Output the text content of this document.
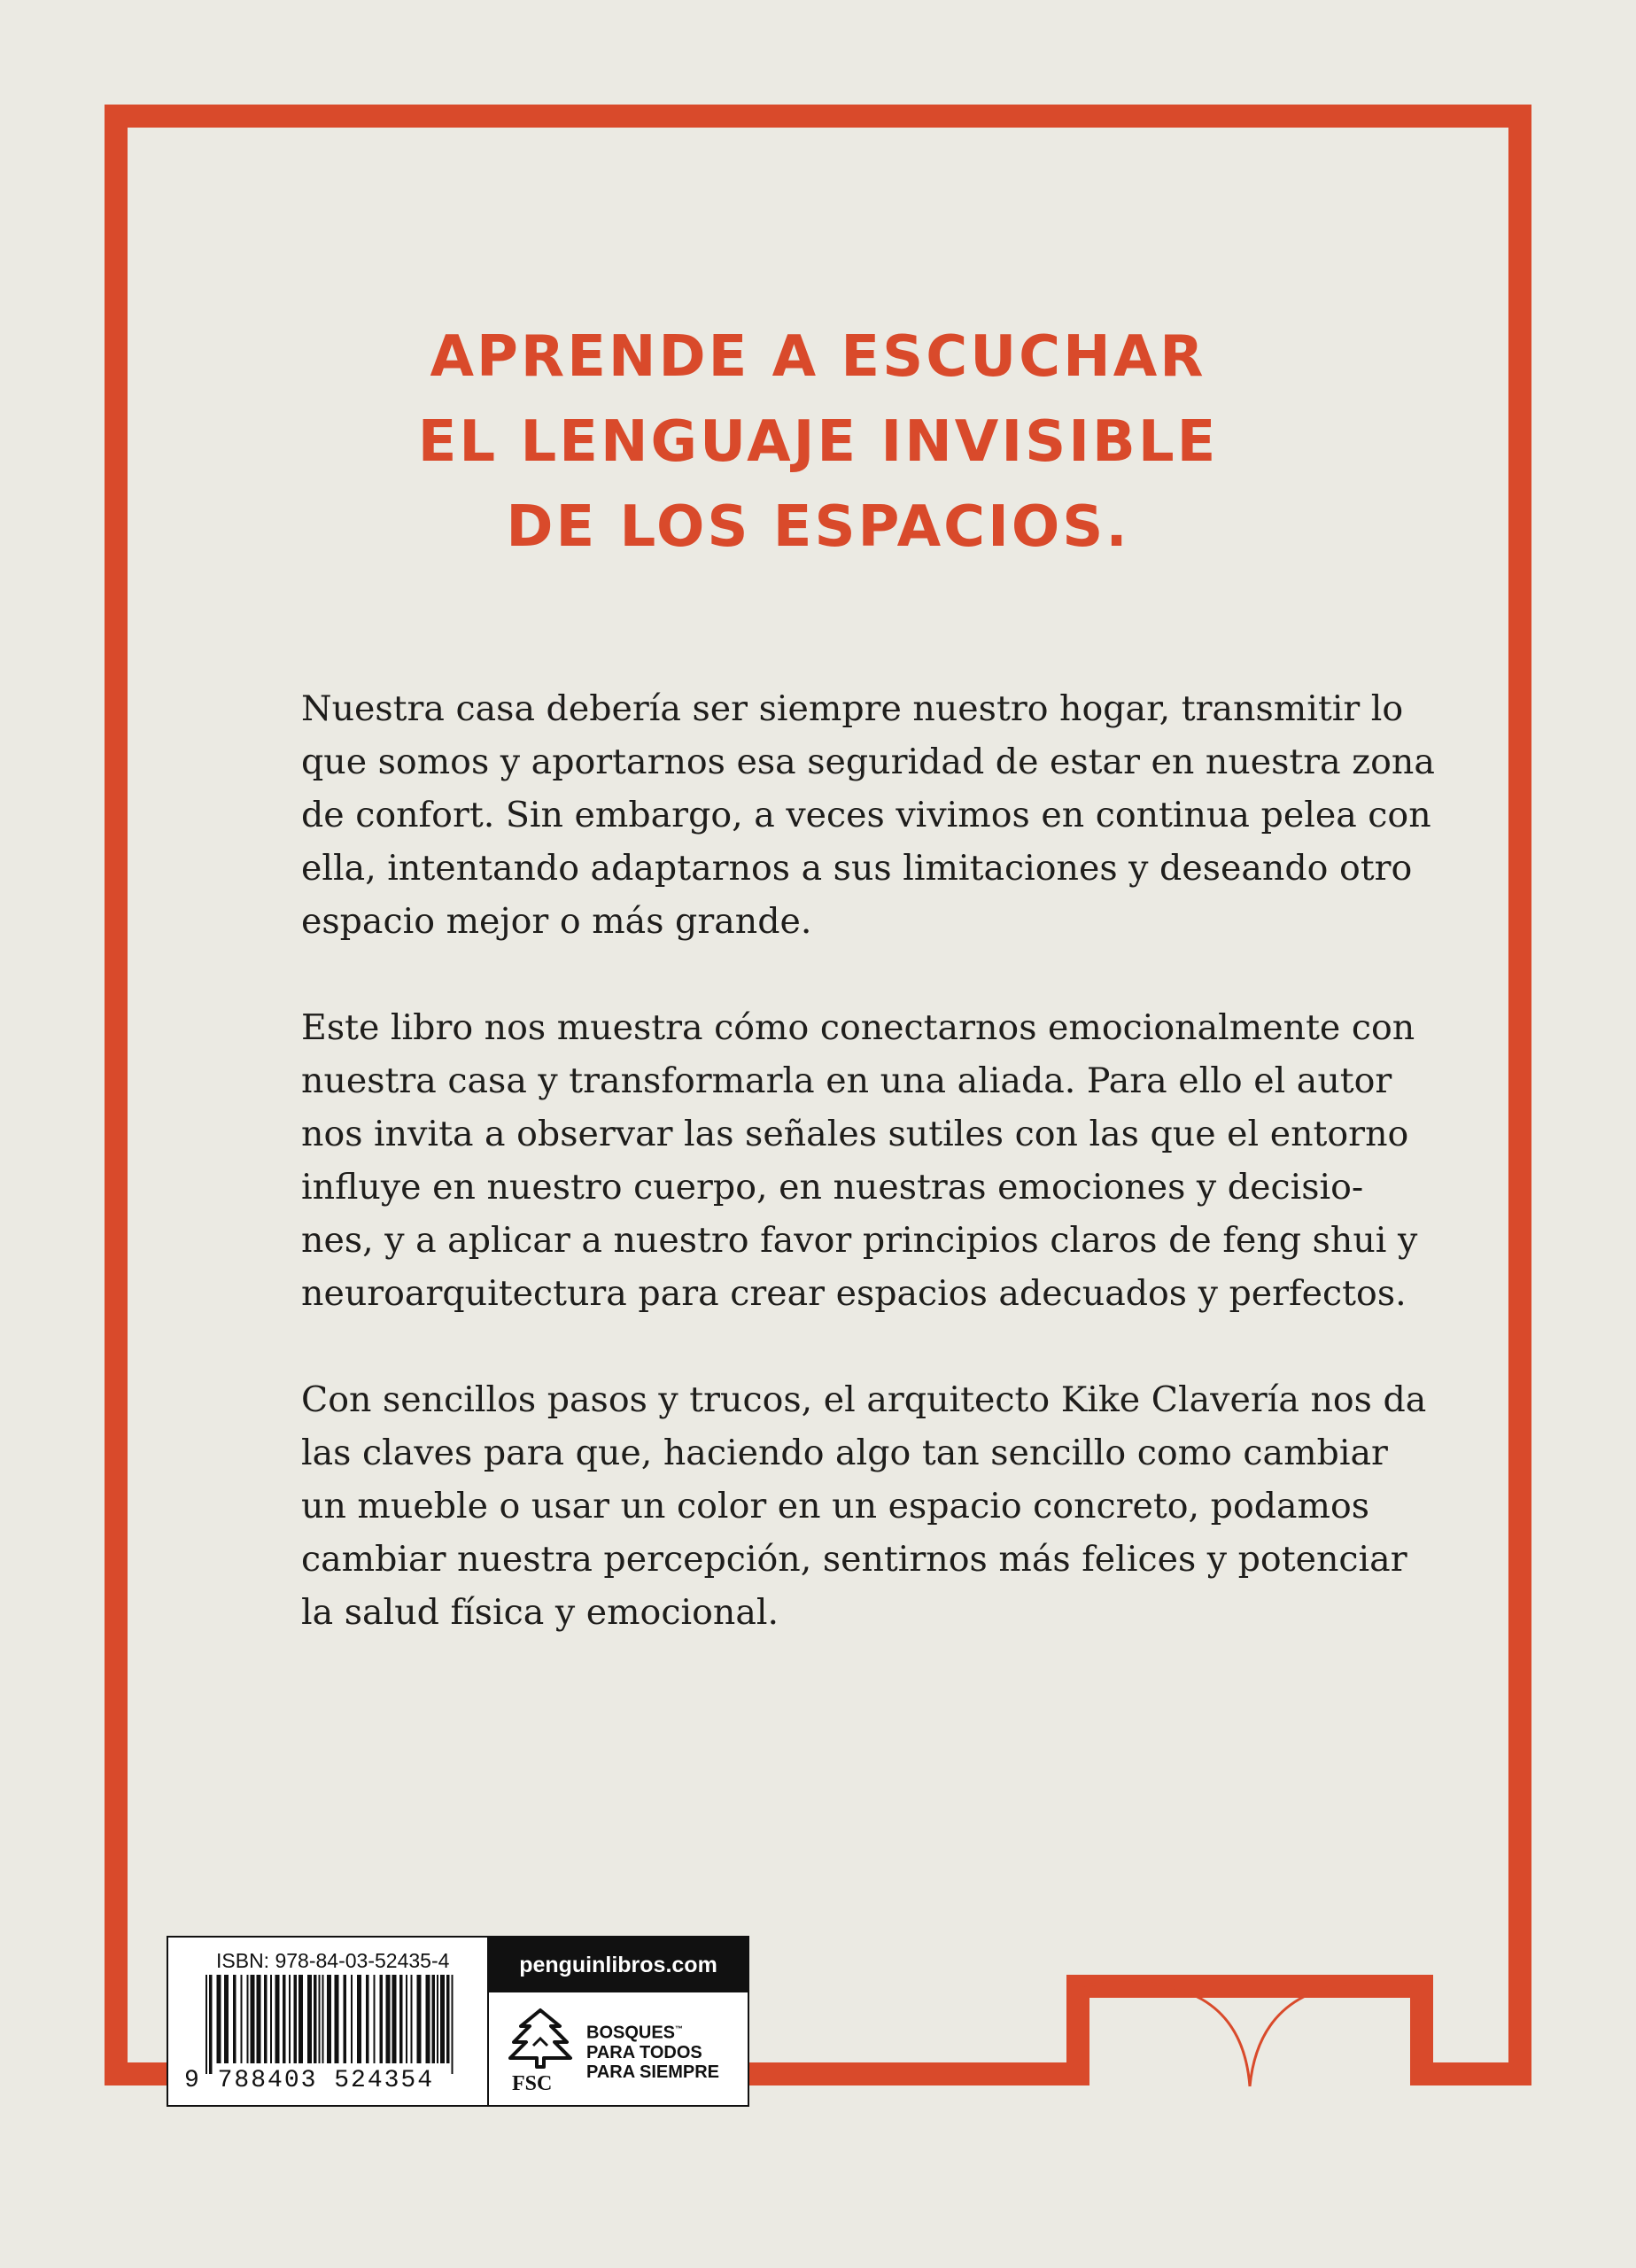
APRENDE A ESCUCHAR
EL LENGUAJE INVISIBLE
DE LOS ESPACIOS.
Nuestra casa debería ser siempre nuestro hogar, transmitir lo
que somos y aportarnos esa seguridad de estar en nuestra zona
de confort. Sin embargo, a veces vivimos en continua pelea con
ella, intentando adaptarnos a sus limitaciones y deseando otro
espacio mejor o más grande.
Este libro nos muestra cómo conectarnos emocionalmente con
nuestra casa y transformarla en una aliada. Para ello el autor
nos invita a observar las señales sutiles con las que el entorno
influye en nuestro cuerpo, en nuestras emociones y decisio-
nes, y a aplicar a nuestro favor principios claros de feng shui y
neuroarquitectura para crear espacios adecuados y perfectos.
Con sencillos pasos y trucos, el arquitecto Kike Clavería nos da
las claves para que, haciendo algo tan sencillo como cambiar
un mueble o usar un color en un espacio concreto, podamos
cambiar nuestra percepción, sentirnos más felices y potenciar
la salud física y emocional.
ISBN: 978-84-03-52435-4
9 788403 524354
penguinlibros.com
FSC
BOSQUES™
PARA TODOS
PARA SIEMPRE
